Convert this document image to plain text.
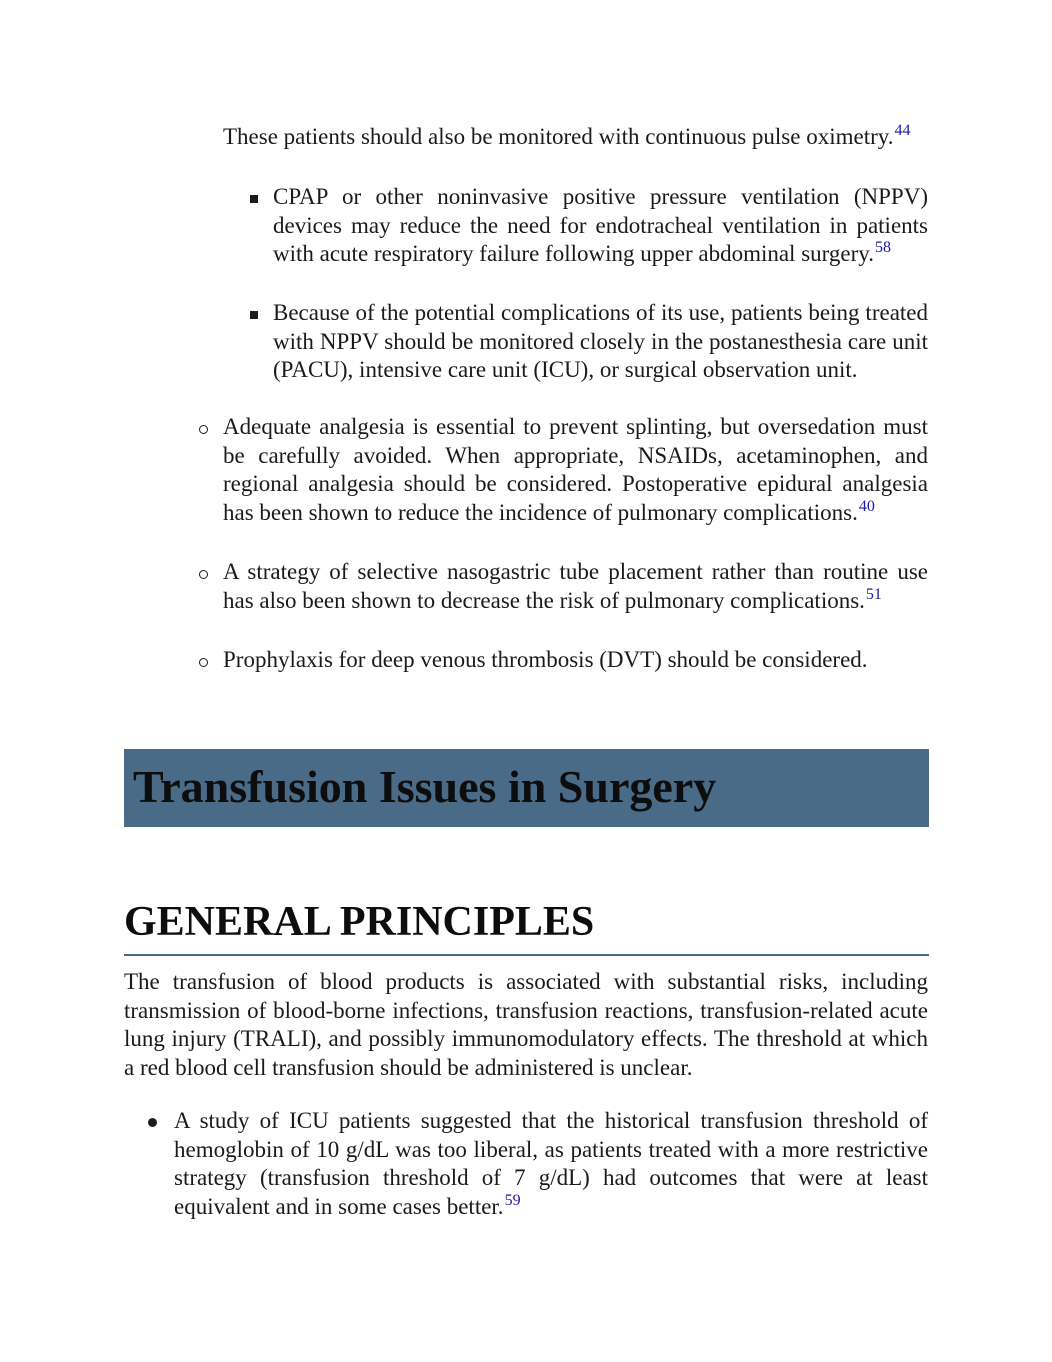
These patients should also be monitored with continuous pulse oximetry.$^{44}$

CPAP or other noninvasive positive pressure ventilation (NPPV) devices may reduce the need for endotracheal ventilation in patients with acute respiratory failure following upper abdominal surgery.$^{58}$

Because of the potential complications of its use, patients being treated with NPPV should be monitored closely in the postanesthesia care unit (PACU), intensive care unit (ICU), or surgical observation unit.

Adequate analgesia is essential to prevent splinting, but oversedation must be carefully avoided. When appropriate, NSAIDs, acetaminophen, and regional analgesia should be considered. Postoperative epidural analgesia has been shown to reduce the incidence of pulmonary complications.$^{40}$

A strategy of selective nasogastric tube placement rather than routine use has also been shown to decrease the risk of pulmonary complications.$^{51}$

Prophylaxis for deep venous thrombosis (DVT) should be considered.

Transfusion Issues in Surgery
GENERAL PRINCIPLES

The transfusion of blood products is associated with substantial risks, including transmission of blood-borne infections, transfusion reactions, transfusion-related acute lung injury (TRALI), and possibly immunomodulatory effects. The threshold at which a red blood cell transfusion should be administered is unclear.

A study of ICU patients suggested that the historical transfusion threshold of hemoglobin of 10 g/dL was too liberal, as patients treated with a more restrictive strategy (transfusion threshold of 7 g/dL) had outcomes that were at least equivalent and in some cases better.$^{59}$
